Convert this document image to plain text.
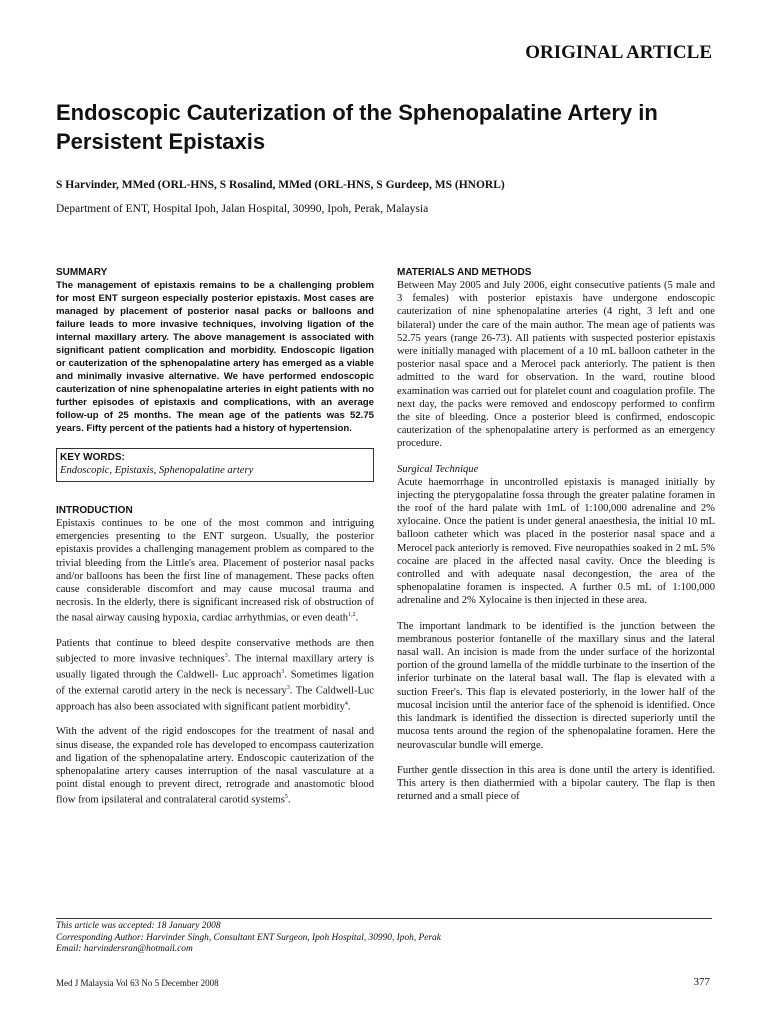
ORIGINAL ARTICLE
Endoscopic Cauterization of the Sphenopalatine Artery in
Persistent Epistaxis
S Harvinder, MMed (ORL-HNS, S Rosalind, MMed (ORL-HNS, S Gurdeep, MS (HNORL)
Department of ENT, Hospital Ipoh, Jalan Hospital, 30990, Ipoh, Perak, Malaysia

SUMMARY

The management of epistaxis remains to be a challenging problem for most ENT surgeon especially posterior epistaxis. Most cases are managed by placement of posterior nasal packs or balloons and failure leads to more invasive techniques, involving ligation of the internal maxillary artery. The above management is associated with significant patient complication and morbidity. Endoscopic ligation or cauterization of the sphenopalatine artery has emerged as a viable and minimally invasive alternative. We have performed endoscopic cauterization of nine sphenopalatine arteries in eight patients with no further episodes of epistaxis and complications, with an average follow-up of 25 months. The mean age of the patients was 52.75 years. Fifty percent of the patients had a history of hypertension.

KEY WORDS:
Endoscopic, Epistaxis, Sphenopalatine artery

INTRODUCTION

Epistaxis continues to be one of the most common and intriguing emergencies presenting to the ENT surgeon. Usually, the posterior epistaxis provides a challenging management problem as compared to the trivial bleeding from the Little's area. Placement of posterior nasal packs and/or balloons has been the first line of management. These packs often cause considerable discomfort and may cause mucosal trauma and necrosis. In the elderly, there is significant increased risk of obstruction of the nasal airway causing hypoxia, cardiac arrhythmias, or even death$^{1,2}$.

Patients that continue to bleed despite conservative methods are then subjected to more invasive techniques$^3$. The internal maxillary artery is usually ligated through the Caldwell- Luc approach$^3$. Sometimes ligation of the external carotid artery in the neck is necessary$^3$. The Caldwell-Luc approach has also been associated with significant patient morbidity$^4$.

With the advent of the rigid endoscopes for the treatment of nasal and sinus disease, the expanded role has developed to encompass cauterization and ligation of the sphenopalatine artery. Endoscopic cauterization of the sphenopalatine artery causes interruption of the nasal vasculature at a point distal enough to prevent direct, retrograde and anastomotic blood flow from ipsilateral and contralateral carotid systems$^5$.

MATERIALS AND METHODS

Between May 2005 and July 2006, eight consecutive patients (5 male and 3 females) with posterior epistaxis have undergone endoscopic cauterization of nine sphenopalatine arteries (4 right, 3 left and one bilateral) under the care of the main author. The mean age of patients was 52.75 years (range 26-73). All patients with suspected posterior epistaxis were initially managed with placement of a 10 mL balloon catheter in the posterior nasal space and a Merocel pack anteriorly. The patient is then admitted to the ward for observation. In the ward, routine blood examination was carried out for platelet count and coagulation profile. The next day, the packs were removed and endoscopy performed to confirm the site of bleeding. Once a posterior bleed is confirmed, endoscopic cauterization of the sphenopalatine artery is performed as an emergency procedure.

Surgical Technique

Acute haemorrhage in uncontrolled epistaxis is managed initially by injecting the pterygopalatine fossa through the greater palatine foramen in the roof of the hard palate with 1mL of 1:100,000 adrenaline and 2% xylocaine. Once the patient is under general anaesthesia, the initial 10 mL balloon catheter which was placed in the posterior nasal space and a Merocel pack anteriorly is removed. Five neuropathies soaked in 2 mL 5% cocaine are placed in the affected nasal cavity. Once the bleeding is controlled and with adequate nasal decongestion, the area of the sphenopalatine foramen is inspected. A further 0.5 mL of 1:100,000 adrenaline and 2% Xylocaine is then injected in these area.

The important landmark to be identified is the junction between the membranous posterior fontanelle of the maxillary sinus and the lateral nasal wall. An incision is made from the under surface of the horizontal portion of the ground lamella of the middle turbinate to the insertion of the inferior turbinate on the lateral basal wall. The flap is elevated with a suction Freer's. This flap is elevated posteriorly, in the lower half of the mucosal incision until the anterior face of the sphenoid is identified. Once this landmark is identified the dissection is directed superiorly until the mucosa tents around the region of the sphenopalatine foramen. Here the neurovascular bundle will emerge.

Further gentle dissection in this area is done until the artery is identified. This artery is then diathermied with a bipolar cautery. The flap is then returned and a small piece of

This article was accepted: 18 January 2008
Corresponding Author: Harvinder Singh, Consultant ENT Surgeon, Ipoh Hospital, 30990, Ipoh, Perak
Email: harvindersran@hotmail.com
Med J Malaysia Vol 63 No 5 December 2008	377
